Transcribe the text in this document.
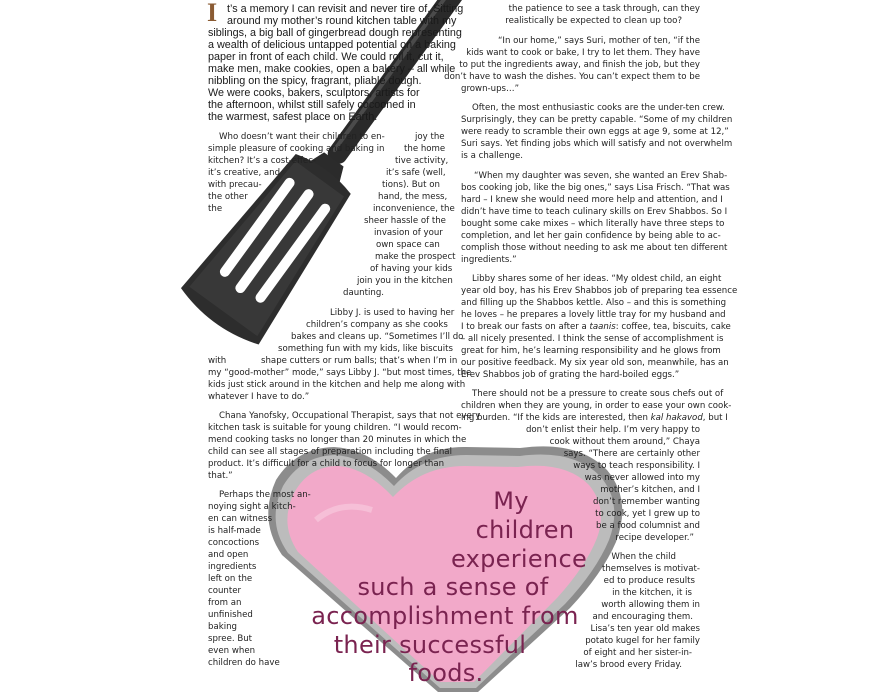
I t’s a memory I can revisit and never tire of. Sitting
around my mother’s round kitchen table with my
siblings, a big ball of gingerbread dough representing
a wealth of delicious untapped potential on a baking
paper in front of each child. We could roll it, cut it,
make men, make cookies, open a bakery – all while
nibbling on the spicy, fragrant, pliable dough.
We were cooks, bakers, sculptors, artists for
the afternoon, whilst still safely cocooned in
the warmest, safest place on Earth.
Who doesn’t want their children to en-	joy the
simple pleasure of cooking and baking in the home
kitchen? It’s a cost-effec-	tive activity,
it’s creative, and	it’s safe (well,
with precau-	tions). But on
the other	hand, the mess,
the	inconvenience, the
sheer hassle of the
invasion of your
own space can
make the prospect
of having your kids
join you in the kitchen
daunting.
Libby J. is used to having her
children’s company as she cooks
bakes and cleans up. “Sometimes I’ll do
something fun with my kids, like biscuits
with	shape cutters or rum balls; that’s when I’m in
my “good-mother” mode,” says Libby J. “but most times, the
kids just stick around in the kitchen and help me along with
whatever I have to do.”
Chana Yanofsky, Occupational Therapist, says that not every
kitchen task is suitable for young children. “I would recom-
mend cooking tasks no longer than 20 minutes in which the
child can see all stages of preparation including the final
product. It’s difficult for a child to focus for longer than
that.”
Perhaps the most an-
noying sight a kitch-
en can witness
is half-made
concoctions
and open
ingredients
left on the
counter
from an
unfinished
baking
spree. But
even when
children do have
the patience to see a task through, can they
realistically be expected to clean up too?
“In our home,” says Suri, mother of ten, “if the
kids want to cook or bake, I try to let them. They have
to put the ingredients away, and finish the job, but they
don’t have to wash the dishes. You can’t expect them to be
grown-ups…”
Often, the most enthusiastic cooks are the under-ten crew.
Surprisingly, they can be pretty capable. “Some of my children
were ready to scramble their own eggs at age 9, some at 12,”
Suri says. Yet finding jobs which will satisfy and not overwhelm
is a challenge.
“When my daughter was seven, she wanted an Erev Shab-
bos cooking job, like the big ones,” says Lisa Frisch. “That was
hard – I knew she would need more help and attention, and I
didn’t have time to teach culinary skills on Erev Shabbos. So I
bought some cake mixes – which literally have three steps to
completion, and let her gain confidence by being able to ac-
complish those without needing to ask me about ten different
ingredients.”
Libby shares some of her ideas. “My oldest child, an eight
year old boy, has his Erev Shabbos job of preparing tea essence
and filling up the Shabbos kettle. Also – and this is something
he loves – he prepares a lovely little tray for my husband and
I to break our fasts on after a taanis: coffee, tea, biscuits, cake
– all nicely presented. I think the sense of accomplishment is
great for him, he’s learning responsibility and he glows from
our positive feedback. My six year old son, meanwhile, has an
Erev Shabbos job of grating the hard-boiled eggs.”
There should not be a pressure to create sous chefs out of
children when they are young, in order to ease your own cook-
ing burden. “If the kids are interested, then kal hakavod, but I
don’t enlist their help. I’m very happy to
cook without them around,” Chaya
says. “There are certainly other
ways to teach responsibility. I
was never allowed into my
mother’s kitchen, and I
don’t remember wanting
to cook, yet I grew up to
be a food columnist and
recipe developer.”
When the child
themselves is motivat-
ed to produce results
in the kitchen, it is
worth allowing them in
and encouraging them.
Lisa’s ten year old makes
potato kugel for her family
of eight and her sister-in-
law’s brood every Friday.
My
children
experience
such a sense of
accomplishment from
their successful
foods.
